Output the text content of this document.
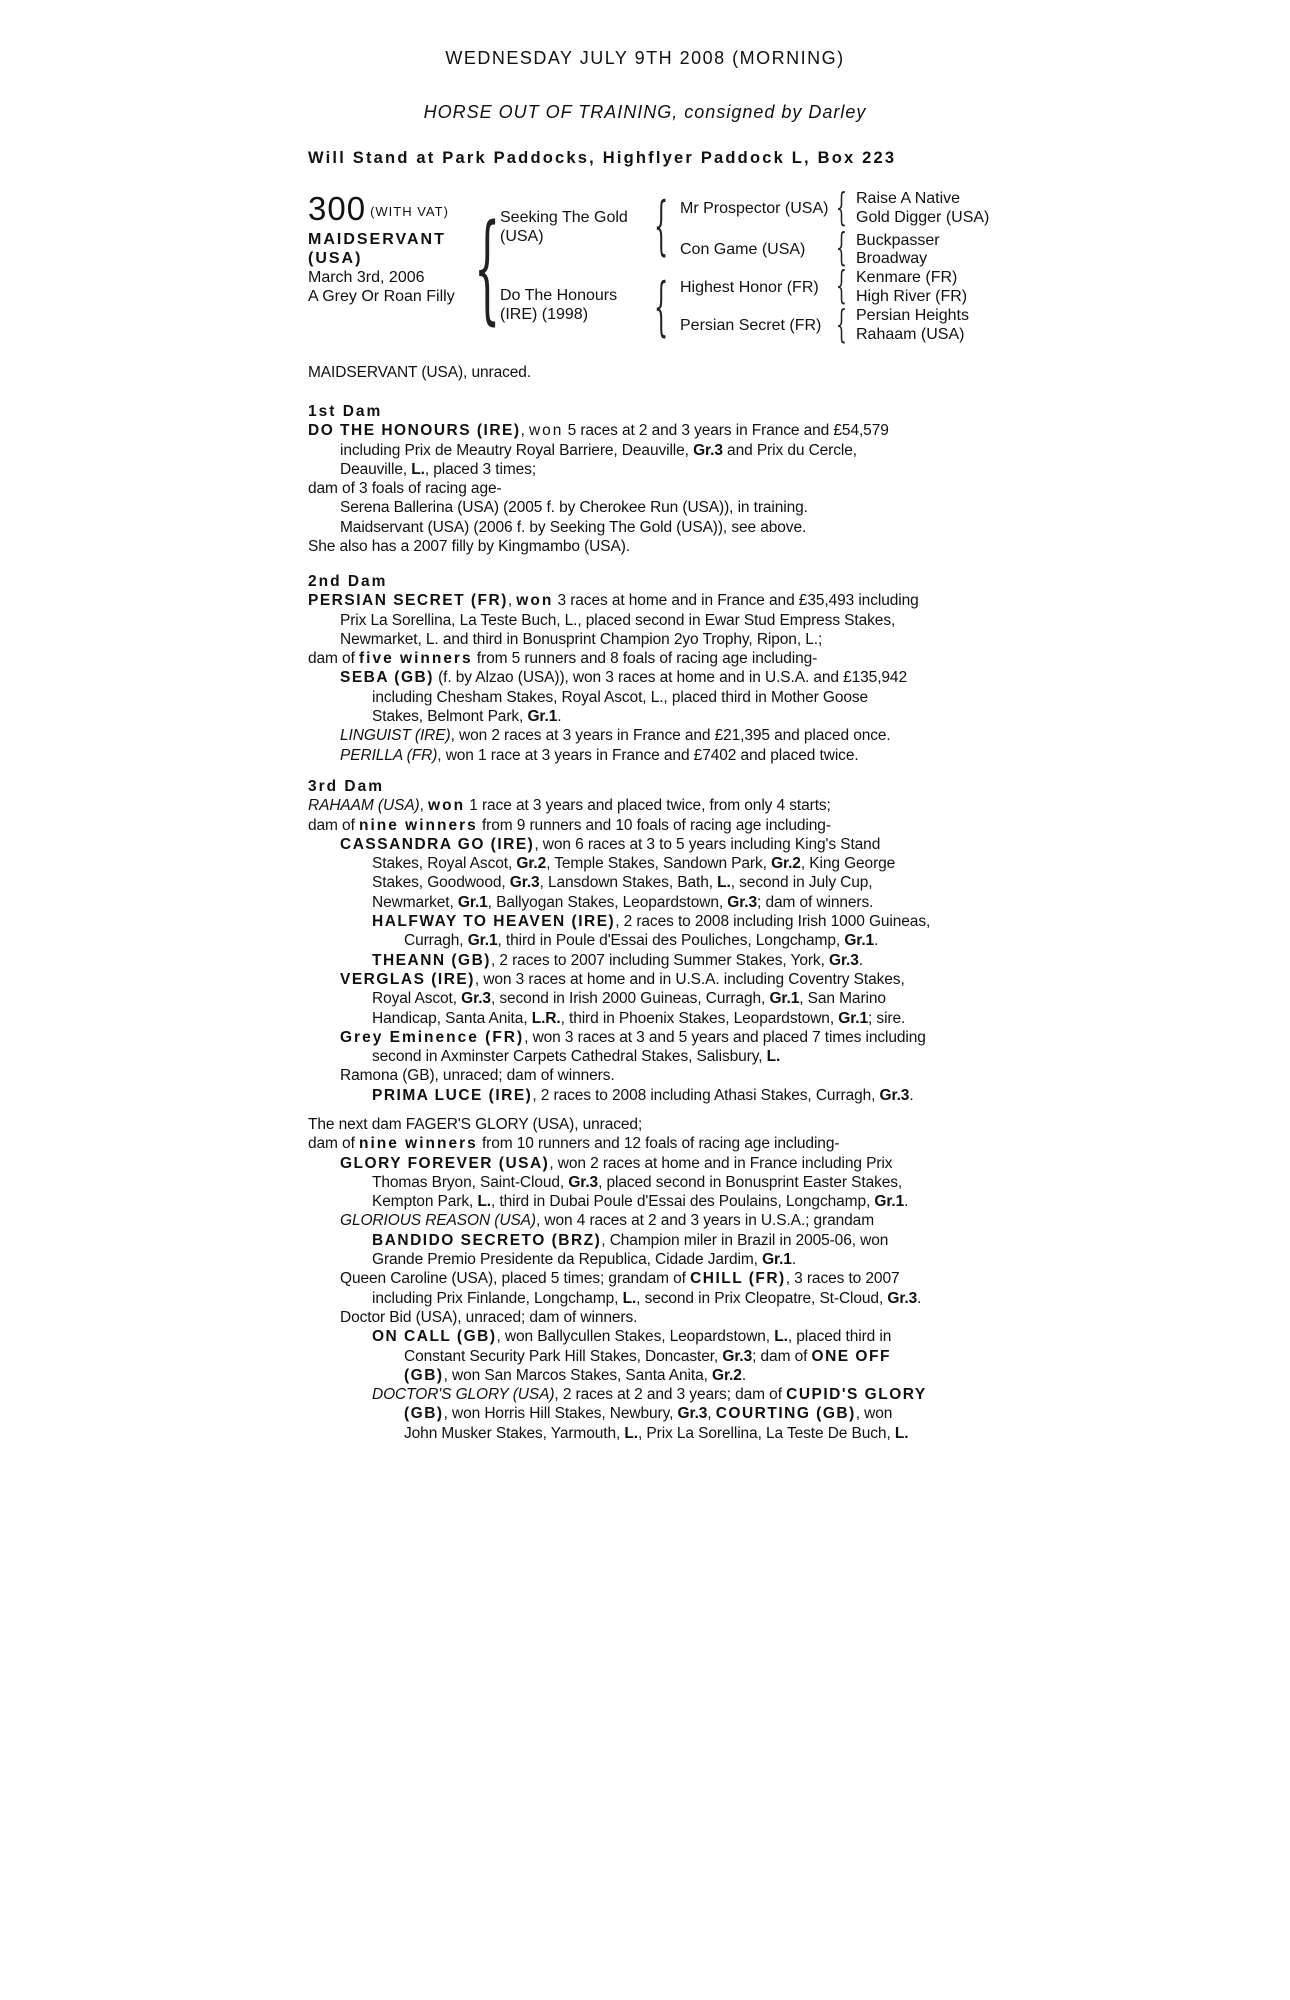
WEDNESDAY JULY 9TH 2008 (MORNING)
HORSE OUT OF TRAINING, consigned by Darley
Will Stand at Park Paddocks, Highflyer Paddock L, Box 223
300 $^{(WITH VAT)}$
MAIDSERVANT
(USA)
March 3rd, 2006
A Grey Or Roan Filly { Seeking The Gold
(USA)
Do The Honours
(IRE) (1998)
{
{
Mr Prospector (USA)
Con Game (USA)
Highest Honor (FR)
Persian Secret (FR)
{
{
{
{
Raise A Native
Gold Digger (USA)
Buckpasser
Broadway
Kenmare (FR)
High River (FR)
Persian Heights
Rahaam (USA)

MAIDSERVANT (USA), unraced.

1st Dam

DO THE HONOURS (IRE), won 5 races at 2 and 3 years in France and £54,579

including Prix de Meautry Royal Barriere, Deauville, Gr.3 and Prix du Cercle,

Deauville, L., placed 3 times;

dam of 3 foals of racing age-

Serena Ballerina (USA) (2005 f. by Cherokee Run (USA)), in training.

Maidservant (USA) (2006 f. by Seeking The Gold (USA)), see above.

She also has a 2007 filly by Kingmambo (USA).

2nd Dam

PERSIAN SECRET (FR), won 3 races at home and in France and £35,493 including

Prix La Sorellina, La Teste Buch, L., placed second in Ewar Stud Empress Stakes,

Newmarket, L. and third in Bonusprint Champion 2yo Trophy, Ripon, L.;

dam of five winners from 5 runners and 8 foals of racing age including-

SEBA (GB) (f. by Alzao (USA)), won 3 races at home and in U.S.A. and £135,942

including Chesham Stakes, Royal Ascot, L., placed third in Mother Goose

Stakes, Belmont Park, Gr.1.

LINGUIST (IRE), won 2 races at 3 years in France and £21,395 and placed once.

PERILLA (FR), won 1 race at 3 years in France and £7402 and placed twice.

3rd Dam

RAHAAM (USA), won 1 race at 3 years and placed twice, from only 4 starts;

dam of nine winners from 9 runners and 10 foals of racing age including-

CASSANDRA GO (IRE), won 6 races at 3 to 5 years including King's Stand

Stakes, Royal Ascot, Gr.2, Temple Stakes, Sandown Park, Gr.2, King George

Stakes, Goodwood, Gr.3, Lansdown Stakes, Bath, L., second in July Cup,

Newmarket, Gr.1, Ballyogan Stakes, Leopardstown, Gr.3; dam of winners.

HALFWAY TO HEAVEN (IRE), 2 races to 2008 including Irish 1000 Guineas,

Curragh, Gr.1, third in Poule d'Essai des Pouliches, Longchamp, Gr.1.

THEANN (GB), 2 races to 2007 including Summer Stakes, York, Gr.3.

VERGLAS (IRE), won 3 races at home and in U.S.A. including Coventry Stakes,

Royal Ascot, Gr.3, second in Irish 2000 Guineas, Curragh, Gr.1, San Marino

Handicap, Santa Anita, L.R., third in Phoenix Stakes, Leopardstown, Gr.1; sire.

Grey Eminence (FR), won 3 races at 3 and 5 years and placed 7 times including

second in Axminster Carpets Cathedral Stakes, Salisbury, L.

Ramona (GB), unraced; dam of winners.

PRIMA LUCE (IRE), 2 races to 2008 including Athasi Stakes, Curragh, Gr.3.

The next dam FAGER'S GLORY (USA), unraced;

dam of nine winners from 10 runners and 12 foals of racing age including-

GLORY FOREVER (USA), won 2 races at home and in France including Prix

Thomas Bryon, Saint-Cloud, Gr.3, placed second in Bonusprint Easter Stakes,

Kempton Park, L., third in Dubai Poule d'Essai des Poulains, Longchamp, Gr.1.

GLORIOUS REASON (USA), won 4 races at 2 and 3 years in U.S.A.; grandam

BANDIDO SECRETO (BRZ), Champion miler in Brazil in 2005-06, won

Grande Premio Presidente da Republica, Cidade Jardim, Gr.1.

Queen Caroline (USA), placed 5 times; grandam of CHILL (FR), 3 races to 2007

including Prix Finlande, Longchamp, L., second in Prix Cleopatre, St-Cloud, Gr.3.

Doctor Bid (USA), unraced; dam of winners.

ON CALL (GB), won Ballycullen Stakes, Leopardstown, L., placed third in

Constant Security Park Hill Stakes, Doncaster, Gr.3; dam of ONE OFF

(GB), won San Marcos Stakes, Santa Anita, Gr.2.

DOCTOR'S GLORY (USA), 2 races at 2 and 3 years; dam of CUPID'S GLORY

(GB), won Horris Hill Stakes, Newbury, Gr.3, COURTING (GB), won

John Musker Stakes, Yarmouth, L., Prix La Sorellina, La Teste De Buch, L.
